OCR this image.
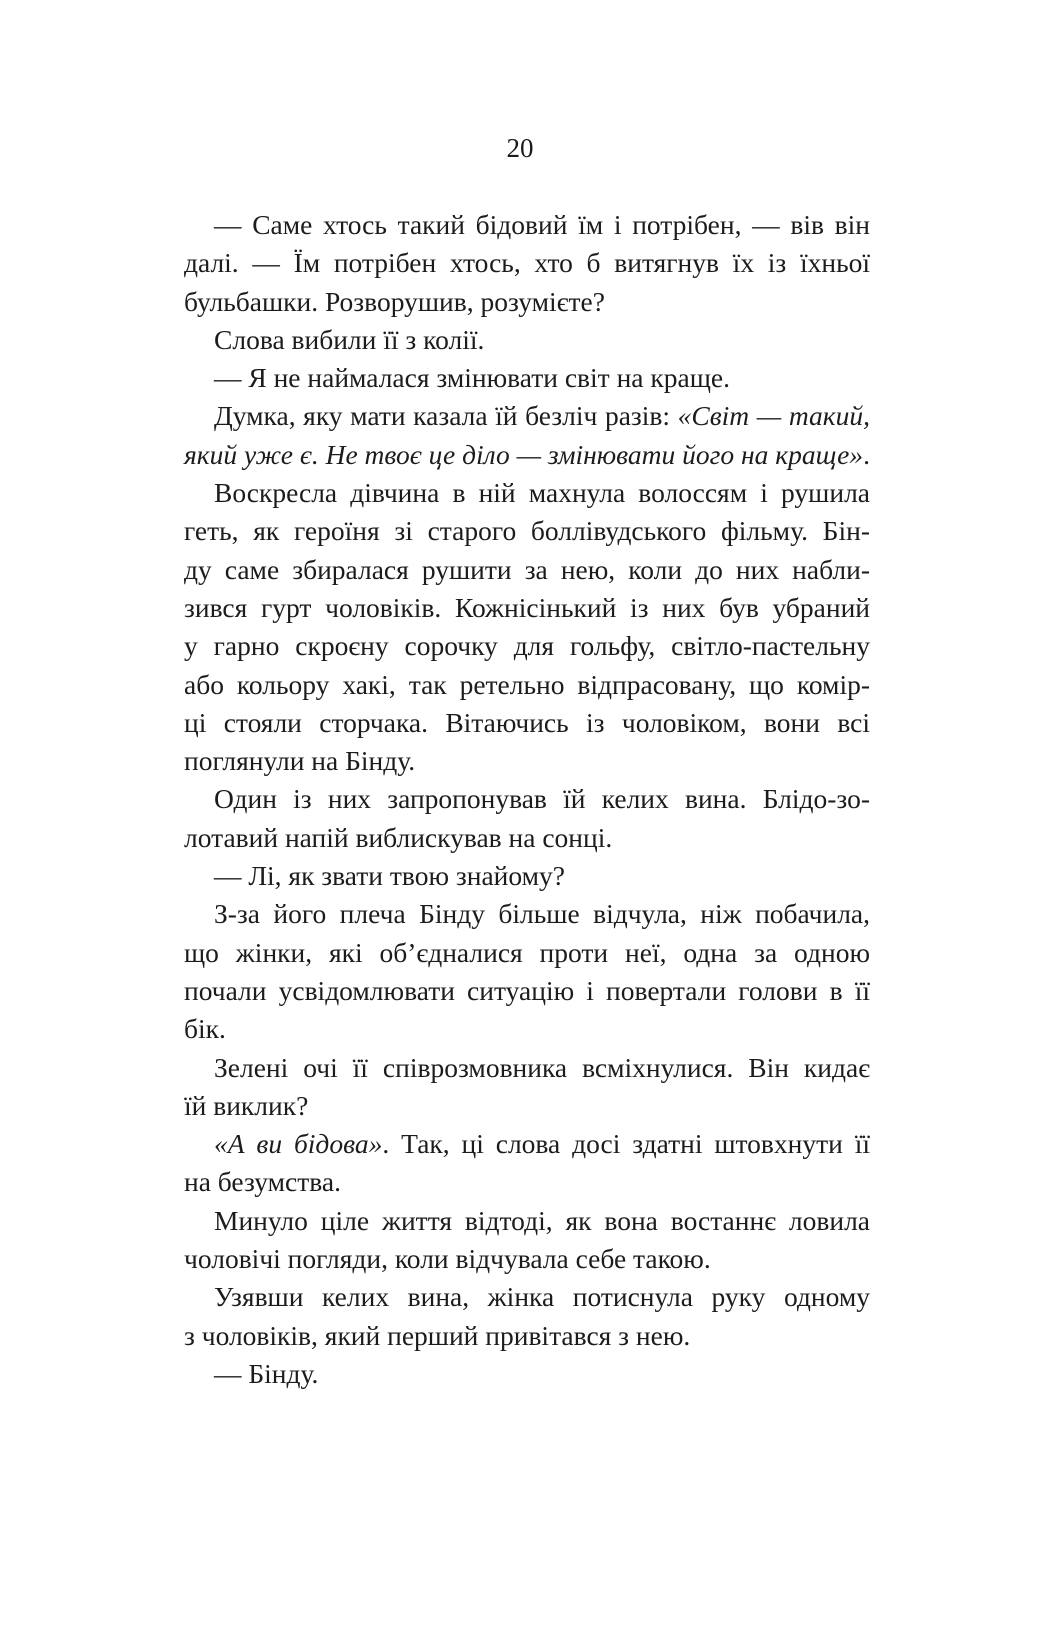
20

— Саме хтось такий бідовий їм і потрібен, — вів він
далі. — Їм потрібен хтось, хто б витягнув їх із їхньої
бульбашки. Розворушив, розумієте?

Слова вибили її з колії.

— Я не наймалася змінювати світ на краще.

Думка, яку мати казала їй безліч разів: «Світ — такий,
який уже є. Не твоє це діло — змінювати його на краще».

Воскресла дівчина в ній махнула волоссям і рушила
геть, як героїня зі старого боллівудського фільму. Бін-
ду саме збиралася рушити за нею, коли до них набли-
зився гурт чоловіків. Кожнісінький із них був убраний
у гарно скроєну сорочку для гольфу, світло-пастельну
або кольору хакі, так ретельно відпрасовану, що комір-
ці стояли сторчака. Вітаючись із чоловіком, вони всі
поглянули на Бінду.

Один із них запропонував їй келих вина. Блідо-зо-
лотавий напій виблискував на сонці.

— Лі, як звати твою знайому?

З-за його плеча Бінду більше відчула, ніж побачила,
що жінки, які об’єдналися проти неї, одна за одною
почали усвідомлювати ситуацію і повертали голови в її
бік.

Зелені очі її співрозмовника всміхнулися. Він кидає
їй виклик?

«А ви бідова». Так, ці слова досі здатні штовхнути її
на безумства.

Минуло ціле життя відтоді, як вона востаннє ловила
чоловічі погляди, коли відчувала себе такою.

Узявши келих вина, жінка потиснула руку одному
з чоловіків, який перший привітався з нею.

— Бінду.
